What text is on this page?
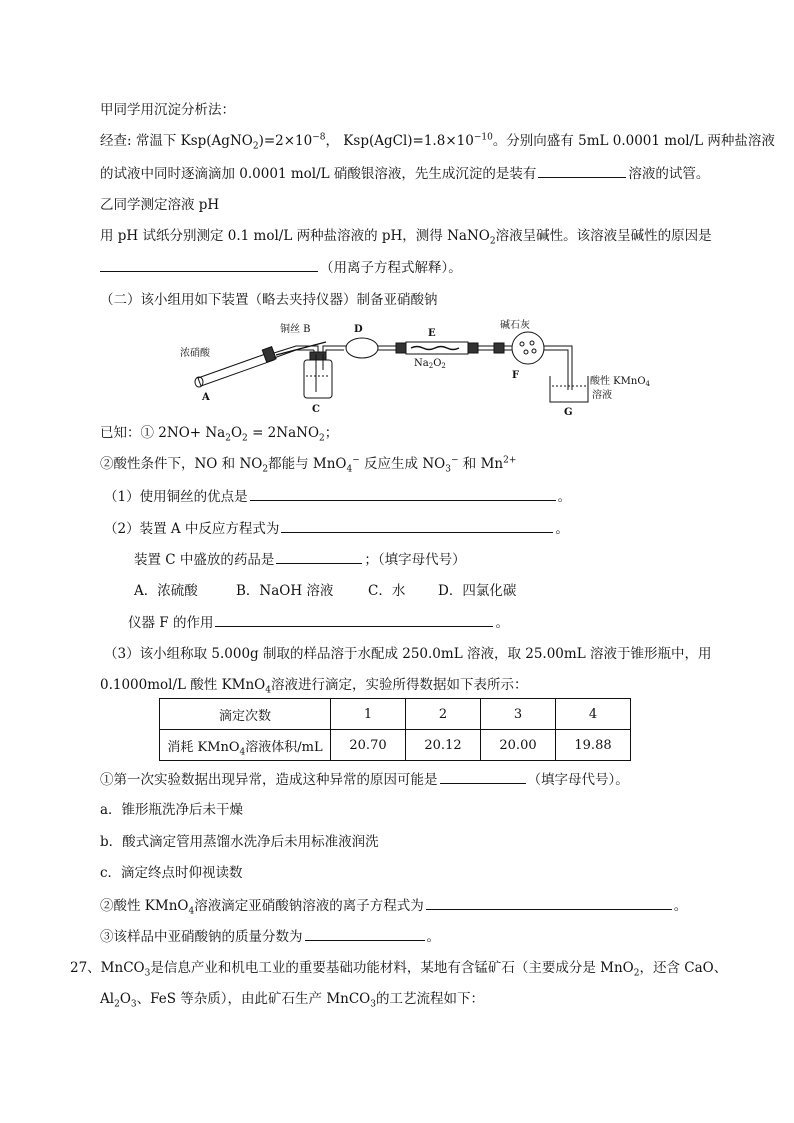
甲同学用沉淀分析法：
经查: 常温下 $Ksp(AgNO_2)=2\times 10^{-8}$， $Ksp(AgCl)=1.8\times 10^{-10}$。分别向盛有 5mL 0.0001 mol/L 两种盐溶液
的试液中同时逐滴滴加 0.0001 mol/L 硝酸银溶液，先生成沉淀的是装有	溶液的试管。
乙同学测定溶液 pH
用 pH 试纸分别测定 0.1 mol/L 两种盐溶液的 pH，测得 NaNO$_2$溶液呈碱性。该溶液呈碱性的原因是
（用离子方程式解释）。
（二）该小组用如下装置（略去夹持仪器）制备亚硝酸钠
浓硝酸
铜丝 B	D	E
$Na_2O_2$
碱石灰
A
C
F
G
酸性 KMnO$_4$
溶液
已知：① $2NO+ Na_2O_2$ = 2NaNO$_2$；
②酸性条件下，NO 和 $NO_2$都能与 MnO$_4$− 反应生成 $NO_3^-$ 和 $Mn^{2+}$
（1）使用铜丝的优点是	。
（2）装置 A 中反应方程式为	。
装置 C 中盛放的药品是	；（填字母代号）
A．浓硫酸	B．NaOH 溶液	C．水 D．四氯化碳
仪器 F 的作用	。
（3）该小组称取 5.000g 制取的样品溶于水配成 250.0mL 溶液，取 25.00mL 溶液于锥形瓶中，用
0.1000mol/L 酸性 KMnO$_4$溶液进行滴定，实验所得数据如下表所示：
滴定次数	1	2	3	4
消耗 KMnO$_4$溶液体积/mL	20.70	20.12	20.00	19.88
①第一次实验数据出现异常，造成这种异常的原因可能是	（填字母代号）。
a．锥形瓶洗净后未干燥
b．酸式滴定管用蒸馏水洗净后未用标准液润洗
c．滴定终点时仰视读数
②酸性 KMnO$_4$溶液滴定亚硝酸钠溶液的离子方程式为	。
③该样品中亚硝酸钠的质量分数为	。
27、MnCO$_3$是信息产业和机电工业的重要基础功能材料，某地有含锰矿石（主要成分是 MnO$_2$，还含 CaO、
$Al_2O_3$、FeS 等杂质），由此矿石生产 MnCO$_3$的工艺流程如下：
